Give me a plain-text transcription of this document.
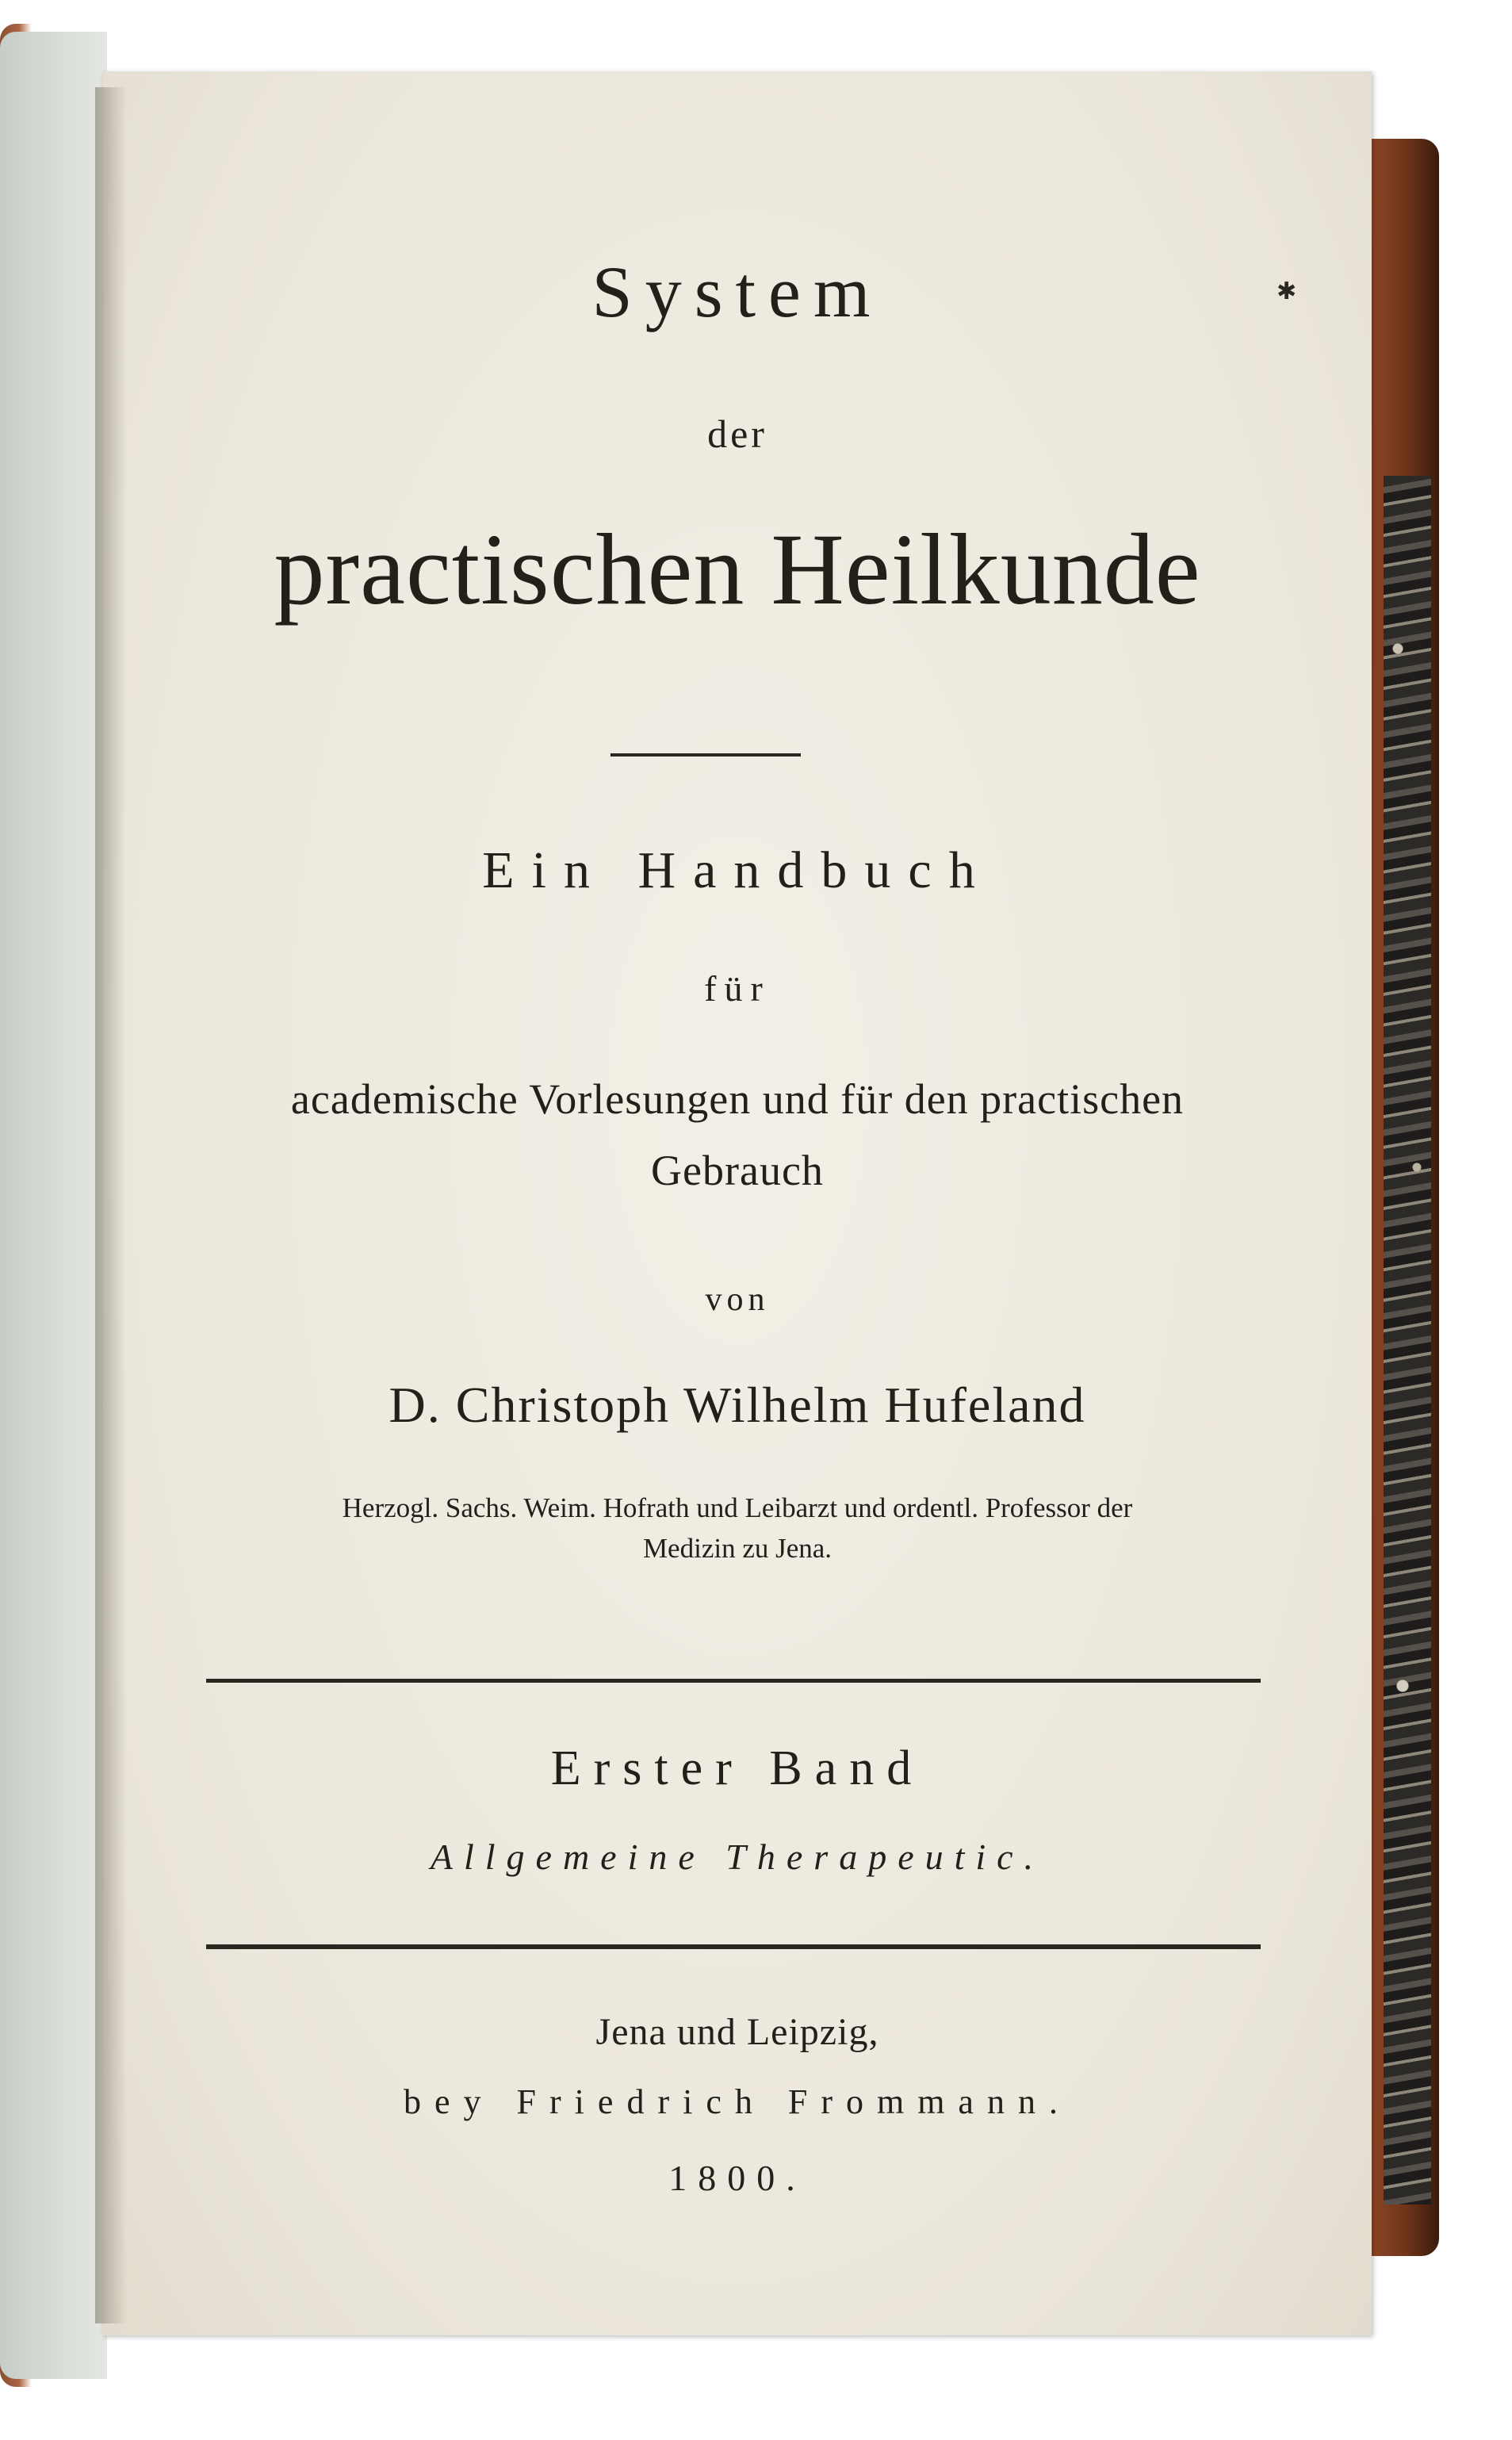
System
der
practischen Heilkunde
Ein Handbuch
für
academische Vorlesungen und für den practischen
Gebrauch
von
D. Christoph Wilhelm Hufeland
Herzogl. Sachs. Weim. Hofrath und Leibarzt und ordentl. Professor der
Medizin zu Jena.
Erster Band
Allgemeine Therapeutic.
Jena und Leipzig,
bey Friedrich Frommann.
1800.
✱
